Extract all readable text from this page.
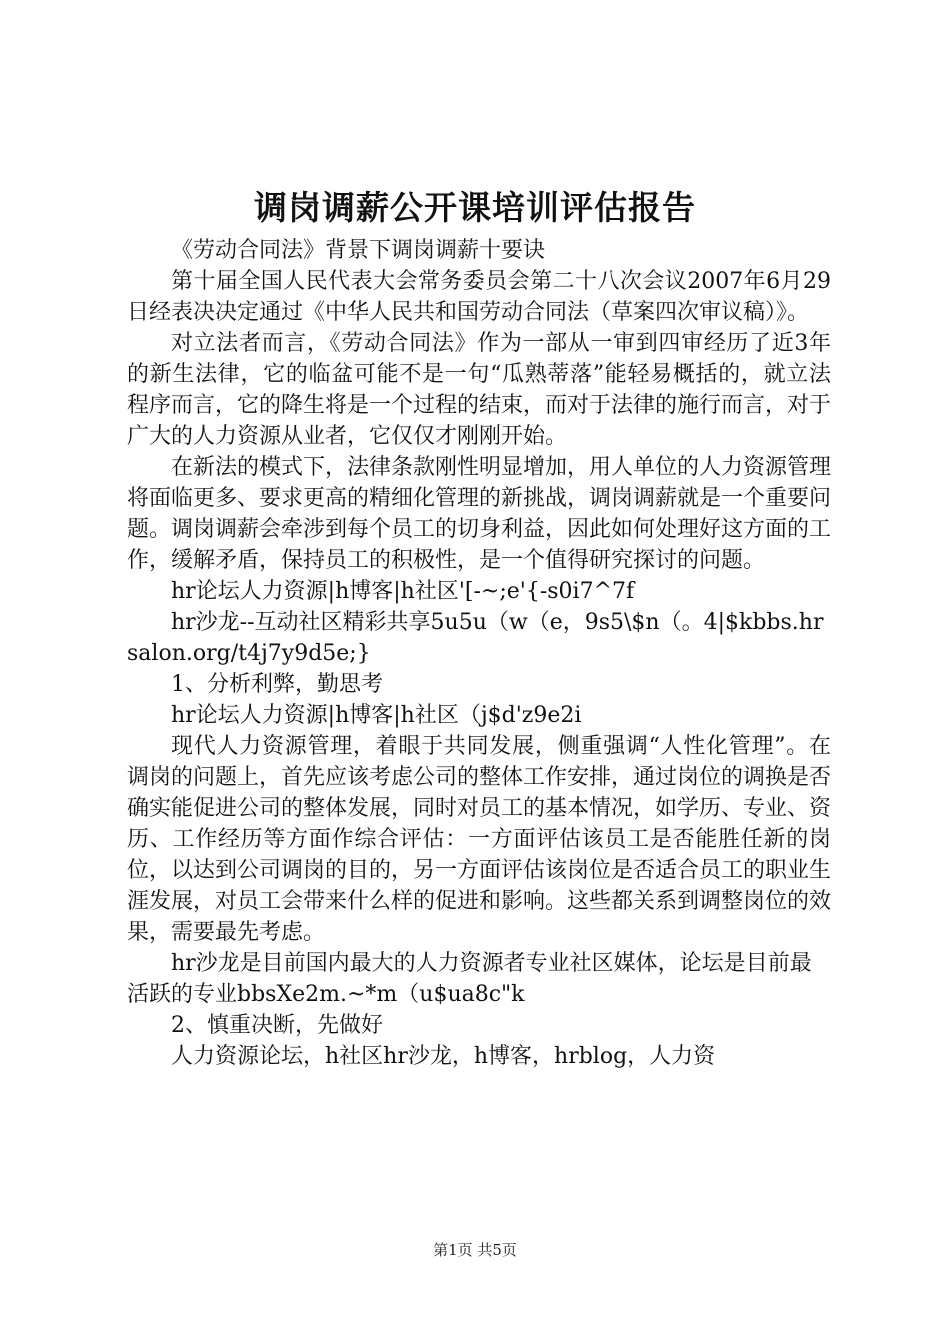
调岗调薪公开课培训评估报告

《劳动合同法》背景下调岗调薪十要诀

第十届全国人民代表大会常务委员会第二十八次会议2007年6月29日经表决决定通过《中华人民共和国劳动合同法（草案四次审议稿）》。

对立法者而言，《劳动合同法》作为一部从一审到四审经历了近3年的新生法律，它的临盆可能不是一句“瓜熟蒂落”能轻易概括的，就立法程序而言，它的降生将是一个过程的结束，而对于法律的施行而言，对于广大的人力资源从业者，它仅仅才刚刚开始。

在新法的模式下，法律条款刚性明显增加，用人单位的人力资源管理将面临更多、要求更高的精细化管理的新挑战，调岗调薪就是一个重要问题。调岗调薪会牵涉到每个员工的切身利益，因此如何处理好这方面的工作，缓解矛盾，保持员工的积极性，是一个值得研究探讨的问题。

hr论坛人力资源|h博客|h社区'[-~;e'{-s0i7^7f

hr沙龙--互动社区精彩共享5u5u（w（e，9s5\$n（。4|$kbbs.hrsalon.org/t4j7y9d5e;}

1、分析利弊，勤思考

hr论坛人力资源|h博客|h社区（j$d'z9e2i

现代人力资源管理，着眼于共同发展，侧重强调“人性化管理”。在调岗的问题上，首先应该考虑公司的整体工作安排，通过岗位的调换是否确实能促进公司的整体发展，同时对员工的基本情况，如学历、专业、资历、工作经历等方面作综合评估：一方面评估该员工是否能胜任新的岗位，以达到公司调岗的目的，另一方面评估该岗位是否适合员工的职业生涯发展，对员工会带来什么样的促进和影响。这些都关系到调整岗位的效果，需要最先考虑。

hr沙龙是目前国内最大的人力资源者专业社区媒体，论坛是目前最活跃的专业bbsXe2m.~*m（u$ua8c"k

2、慎重决断，先做好

人力资源论坛，h社区hr沙龙，h博客，hrblog，人力资

第1页 共5页
